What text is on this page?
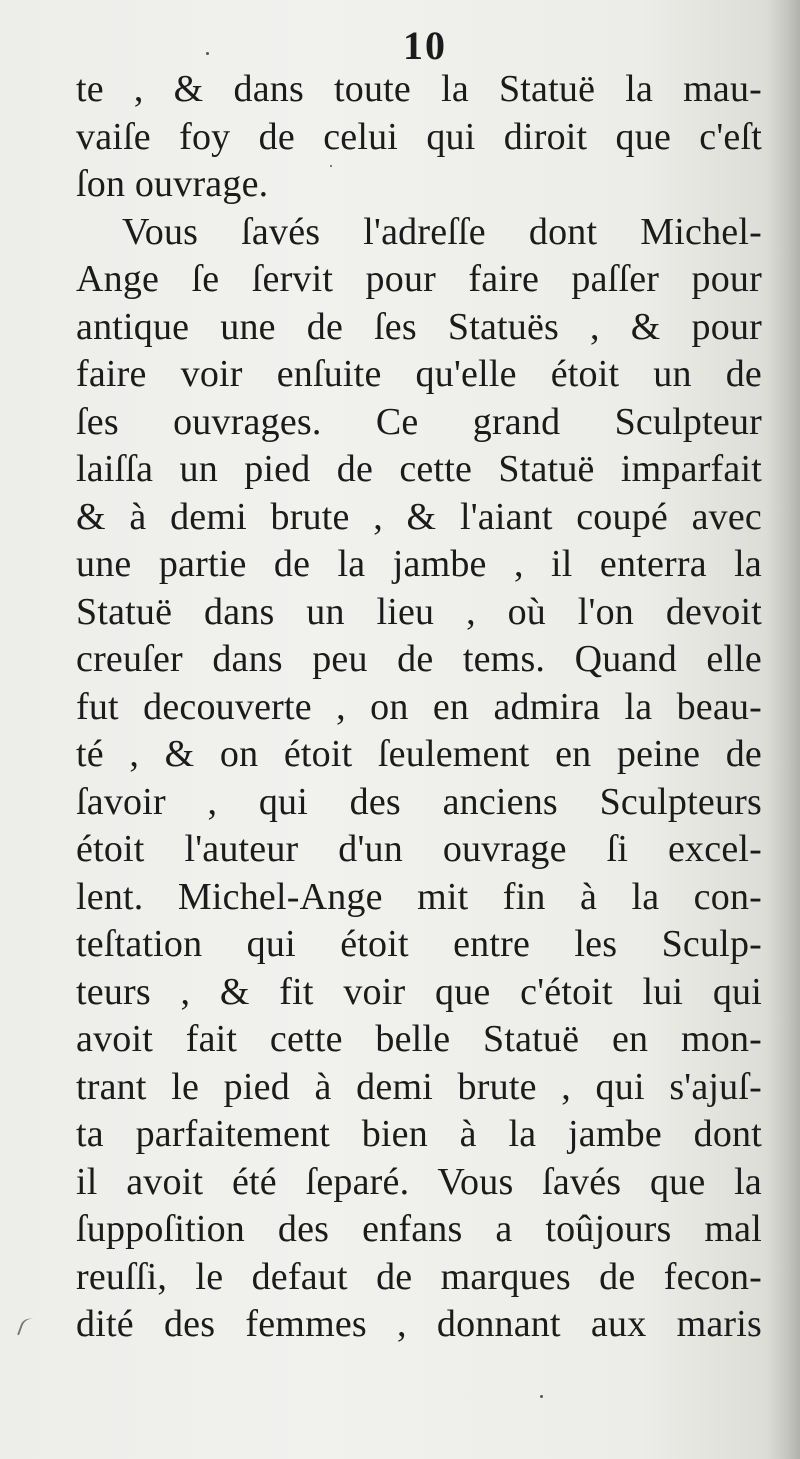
10
te , & dans toute la Statuë la mau-
vaiſe foy de celui qui diroit que c'eſt
ſon ouvrage.
Vous ſavés l'adreſſe dont Michel-
Ange ſe ſervit pour faire paſſer pour
antique une de ſes Statuës , & pour
faire voir enſuite qu'elle étoit un de
ſes ouvrages. Ce grand Sculpteur
laiſſa un pied de cette Statuë imparfait
& à demi brute , & l'aiant coupé avec
une partie de la jambe , il enterra la
Statuë dans un lieu , où l'on devoit
creuſer dans peu de tems. Quand elle
fut decouverte , on en admira la beau-
té , & on étoit ſeulement en peine de
ſavoir , qui des anciens Sculpteurs
étoit l'auteur d'un ouvrage ſi excel-
lent. Michel-Ange mit fin à la con-
teſtation qui étoit entre les Sculp-
teurs , & fit voir que c'étoit lui qui
avoit fait cette belle Statuë en mon-
trant le pied à demi brute , qui s'ajuſ-
ta parfaitement bien à la jambe dont
il avoit été ſeparé. Vous ſavés que la
ſuppoſition des enfans a toûjours mal
reuſſi, le defaut de marques de fecon-
dité des femmes , donnant aux maris
